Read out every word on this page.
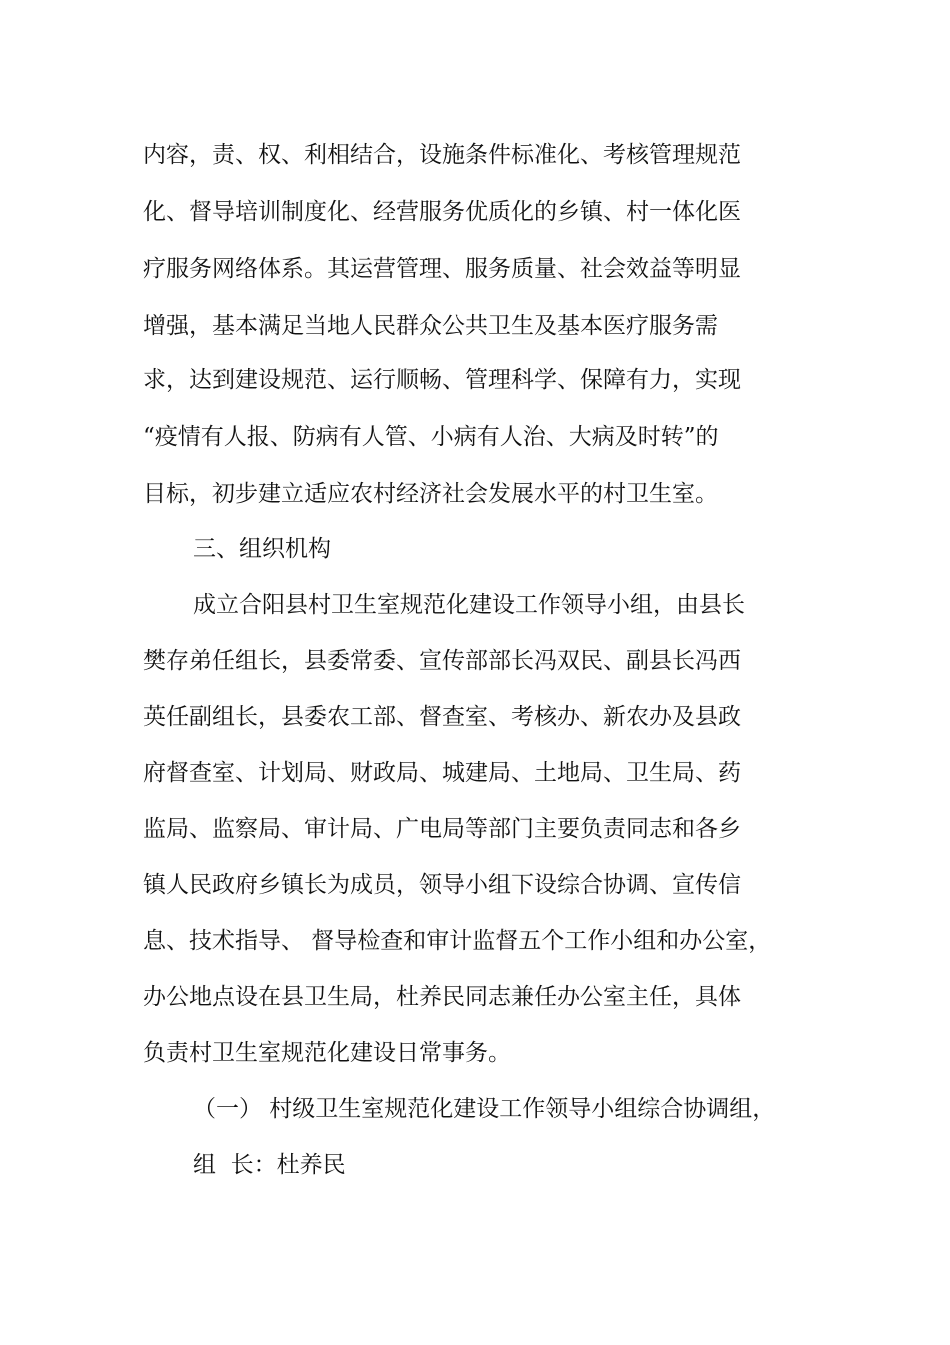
内容，责、权、利相结合，设施条件标准化、考核管理规范
化、督导培训制度化、经营服务优质化的乡镇、村一体化医
疗服务网络体系。其运营管理、服务质量、社会效益等明显
增强，基本满足当地人民群众公共卫生及基本医疗服务需
求，达到建设规范、运行顺畅、管理科学、保障有力，实现
“疫情有人报、防病有人管、小病有人治、大病及时转”的
目标，初步建立适应农村经济社会发展水平的村卫生室。
三、组织机构
成立合阳县村卫生室规范化建设工作领导小组，由县长
樊存弟任组长，县委常委、宣传部部长冯双民、副县长冯西
英任副组长，县委农工部、督查室、考核办、新农办及县政
府督查室、计划局、财政局、城建局、土地局、卫生局、药
监局、监察局、审计局、广电局等部门主要负责同志和各乡
镇人民政府乡镇长为成员，领导小组下设综合协调、宣传信
息、技术指导、 督导检查和审计监督五个工作小组和办公室，
办公地点设在县卫生局，杜养民同志兼任办公室主任，具体
负责村卫生室规范化建设日常事务。
（一） 村级卫生室规范化建设工作领导小组综合协调组，
组  长：杜养民
